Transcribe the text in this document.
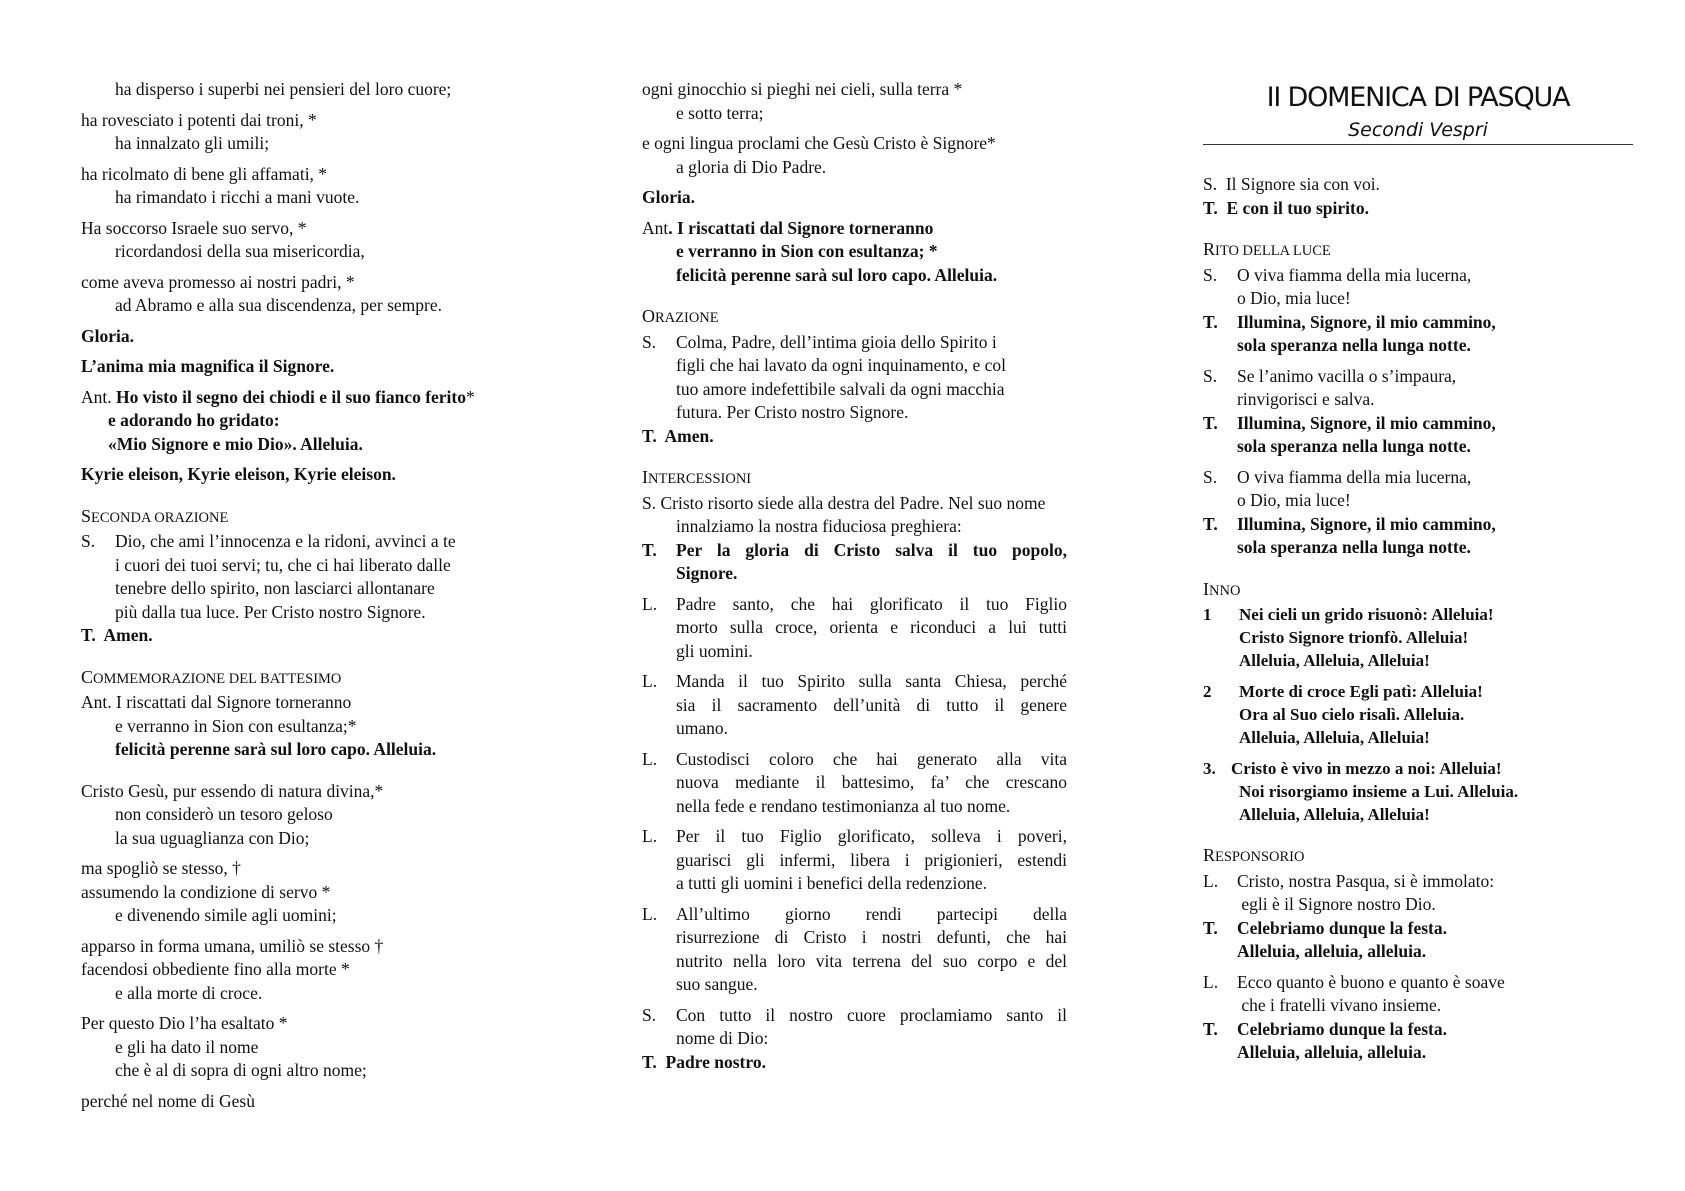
ha disperso i superbi nei pensieri del loro cuore;
ha rovesciato i potenti dai troni, *
ha innalzato gli umili;
ha ricolmato di bene gli affamati, *
ha rimandato i ricchi a mani vuote.
Ha soccorso Israele suo servo, *
ricordandosi della sua misericordia,
come aveva promesso ai nostri padri, *
ad Abramo e alla sua discendenza, per sempre.
Gloria.
L’anima mia magnifica il Signore.
Ant. Ho visto il segno dei chiodi e il suo fianco ferito*
e adorando ho gridato:
«Mio Signore e mio Dio». Alleluia.
Kyrie eleison, Kyrie eleison, Kyrie eleison.
SECONDA ORAZIONE
S.	Dio, che ami l’innocenza e la ridoni, avvinci a te
i cuori dei tuoi servi; tu, che ci hai liberato dalle
tenebre dello spirito, non lasciarci allontanare
più dalla tua luce. Per Cristo nostro Signore.
T.  Amen.
COMMEMORAZIONE DEL BATTESIMO
Ant. I riscattati dal Signore torneranno
e verranno in Sion con esultanza;*
felicità perenne sarà sul loro capo. Alleluia.
Cristo Gesù, pur essendo di natura divina,*
non considerò un tesoro geloso
la sua uguaglianza con Dio;
ma spogliò se stesso, †
assumendo la condizione di servo *
e divenendo simile agli uomini;
apparso in forma umana, umiliò se stesso †
facendosi obbediente fino alla morte *
e alla morte di croce.
Per questo Dio l’ha esaltato *
e gli ha dato il nome
che è al di sopra di ogni altro nome;
perché nel nome di Gesù
ogni ginocchio si pieghi nei cieli, sulla terra *
e sotto terra;
e ogni lingua proclami che Gesù Cristo è Signore*
a gloria di Dio Padre.
Gloria.
Ant. I riscattati dal Signore torneranno
e verranno in Sion con esultanza; *
felicità perenne sarà sul loro capo. Alleluia.
ORAZIONE
S.	Colma, Padre, dell’intima gioia dello Spirito i
figli che hai lavato da ogni inquinamento, e col
tuo amore indefettibile salvali da ogni macchia
futura. Per Cristo nostro Signore.
T.  Amen.
INTERCESSIONI
S. Cristo risorto siede alla destra del Padre. Nel suo nome
innalziamo la nostra fiduciosa preghiera:
T.	Per la gloria di Cristo salva il tuo popolo,
Signore.
L.	Padre santo, che hai glorificato il tuo Figlio
morto sulla croce, orienta e riconduci a lui tutti
gli uomini.
L.	Manda il tuo Spirito sulla santa Chiesa, perché
sia il sacramento dell’unità di tutto il genere
umano.
L.	Custodisci coloro che hai generato alla vita
nuova mediante il battesimo, fa’ che crescano
nella fede e rendano testimonianza al tuo nome.
L.	Per il tuo Figlio glorificato, solleva i poveri,
guarisci gli infermi, libera i prigionieri, estendi
a tutti gli uomini i benefici della redenzione.
L.	All’ultimo giorno rendi partecipi della
risurrezione di Cristo i nostri defunti, che hai
nutrito nella loro vita terrena del suo corpo e del
suo sangue.
S.	Con tutto il nostro cuore proclamiamo santo il
nome di Dio:
T.  Padre nostro.
II DOMENICA DI PASQUA
Secondi Vespri
S.  Il Signore sia con voi.
T.  E con il tuo spirito.
RITO DELLA LUCE
S.	O viva fiamma della mia lucerna,
o Dio, mia luce!
T.	Illumina, Signore, il mio cammino,
sola speranza nella lunga notte.
S.	Se l’animo vacilla o s’impaura,
rinvigorisci e salva.
T.	Illumina, Signore, il mio cammino,
sola speranza nella lunga notte.
S.	O viva fiamma della mia lucerna,
o Dio, mia luce!
T.	Illumina, Signore, il mio cammino,
sola speranza nella lunga notte.
INNO
1	Nei cieli un grido risuonò: Alleluia!
Cristo Signore trionfò. Alleluia!
Alleluia, Alleluia, Alleluia!
2	Morte di croce Egli patì: Alleluia!
Ora al Suo cielo risalì. Alleluia.
Alleluia, Alleluia, Alleluia!
3. Cristo è vivo in mezzo a noi: Alleluia!
Noi risorgiamo insieme a Lui. Alleluia.
Alleluia, Alleluia, Alleluia!
RESPONSORIO
L.	Cristo, nostra Pasqua, si è immolato:
egli è il Signore nostro Dio.
T.	Celebriamo dunque la festa.
Alleluia, alleluia, alleluia.
L.	Ecco quanto è buono e quanto è soave
che i fratelli vivano insieme.
T.	Celebriamo dunque la festa.
Alleluia, alleluia, alleluia.
